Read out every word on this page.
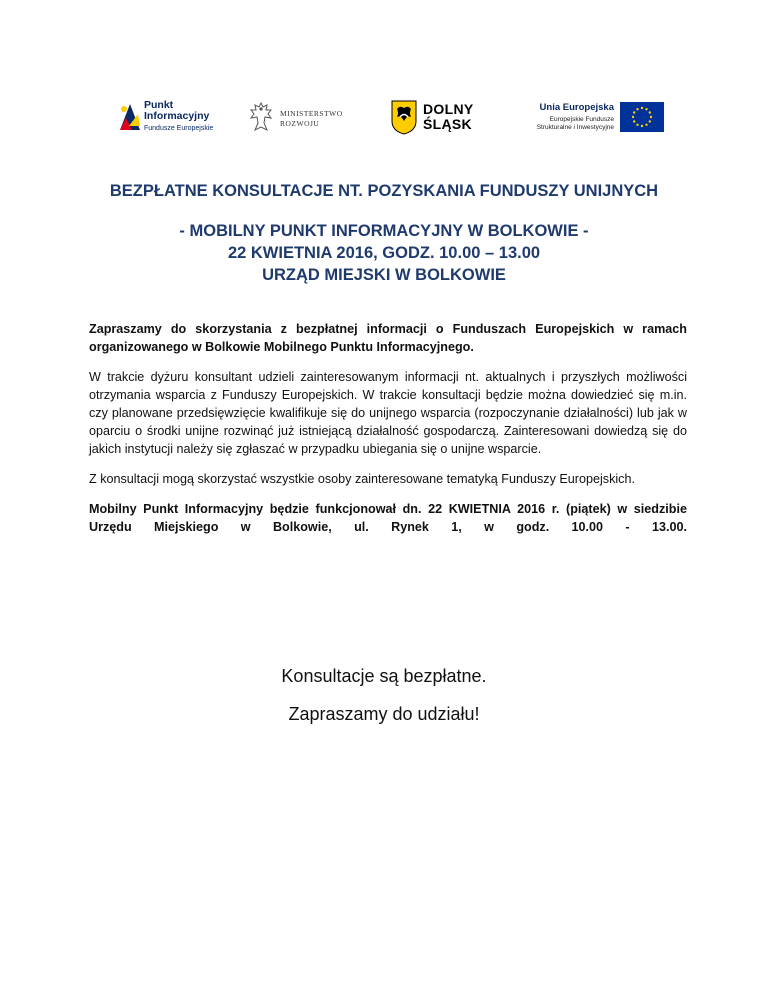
Punkt
Informacyjny
Fundusze Europejskie
MINISTERSTWO
ROZWOJU
DOLNY
ŚLĄSK
Unia Europejska
Europejskie Fundusze
Strukturalne i Inwestycyjne
BEZPŁATNE KONSULTACJE NT. POZYSKANIA FUNDUSZY UNIJNYCH
- MOBILNY PUNKT INFORMACYJNY W BOLKOWIE -
22 KWIETNIA 2016, GODZ. 10.00 – 13.00
URZĄD MIEJSKI W BOLKOWIE

Zapraszamy do skorzystania z bezpłatnej informacji o Funduszach Europejskich w ramach organizowanego w Bolkowie Mobilnego Punktu Informacyjnego.

W trakcie dyżuru konsultant udzieli zainteresowanym informacji nt. aktualnych i przyszłych możliwości otrzymania wsparcia z Funduszy Europejskich. W trakcie konsultacji będzie można dowiedzieć się m.in. czy planowane przedsięwzięcie kwalifikuje się do unijnego wsparcia (rozpoczynanie działalności) lub jak w oparciu o środki unijne rozwinąć już istniejącą działalność gospodarczą. Zainteresowani dowiedzą się do jakich instytucji należy się zgłaszać w przypadku ubiegania się o unijne wsparcie.

Z konsultacji mogą skorzystać wszystkie osoby zainteresowane tematyką Funduszy Europejskich.

Mobilny Punkt Informacyjny będzie funkcjonował dn. 22 KWIETNIA 2016 r. (piątek) w siedzibie Urzędu Miejskiego w Bolkowie, ul. Rynek 1, w godz. 10.00 - 13.00.

Konsultacje są bezpłatne.
Zapraszamy do udziału!
